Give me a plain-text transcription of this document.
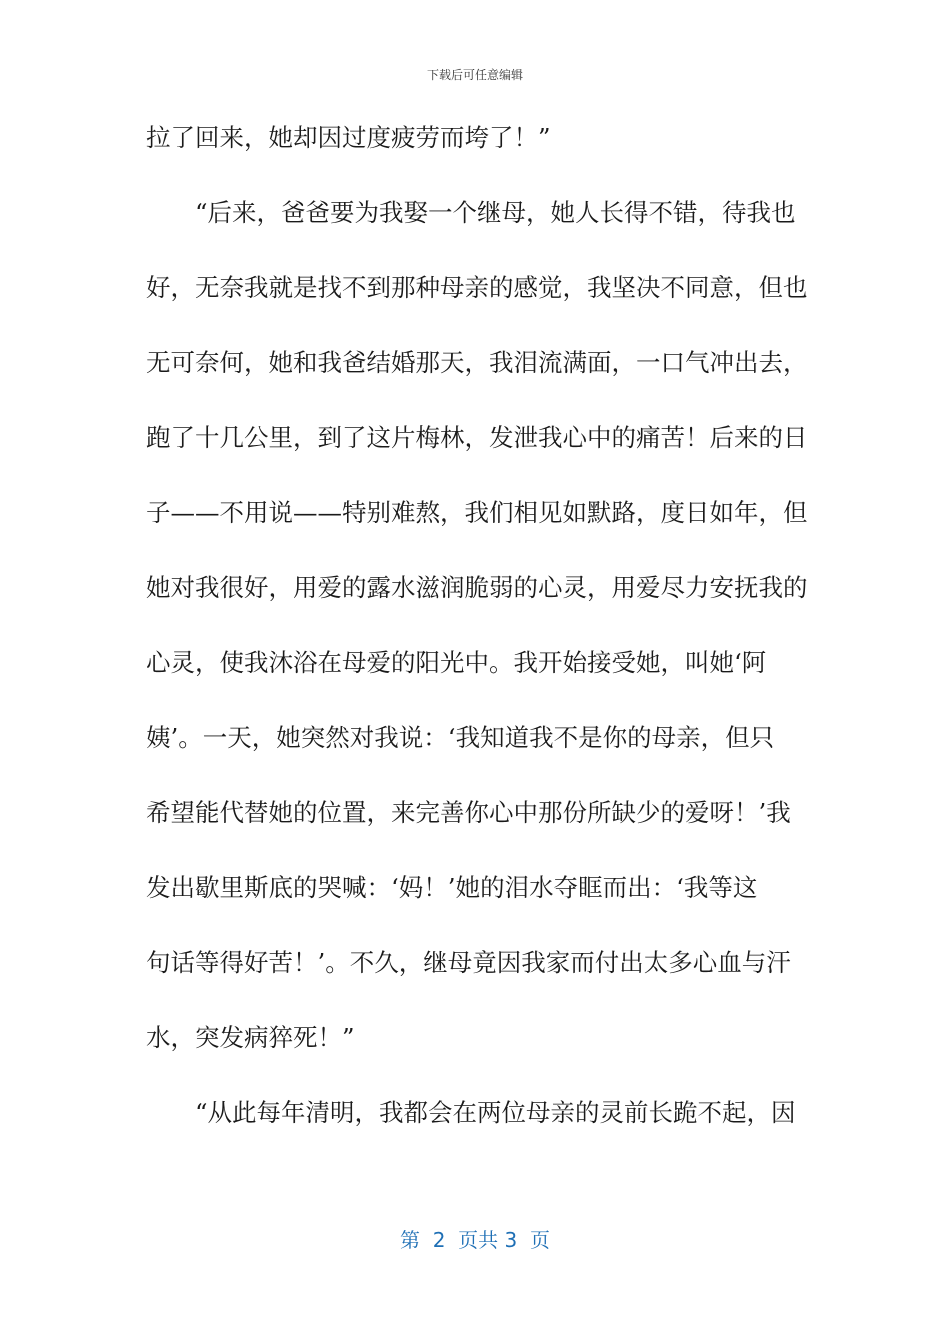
下载后可任意编辑
拉了回来，她却因过度疲劳而垮了！”
　　“后来，爸爸要为我娶一个继母，她人长得不错，待我也
好，无奈我就是找不到那种母亲的感觉，我坚决不同意，但也
无可奈何，她和我爸结婚那天，我泪流满面，一口气冲出去，
跑了十几公里，到了这片梅林，发泄我心中的痛苦！后来的日
子——不用说——特别难熬，我们相见如默路，度日如年，但
她对我很好，用爱的露水滋润脆弱的心灵，用爱尽力安抚我的
心灵，使我沐浴在母爱的阳光中。我开始接受她，叫她‘阿
姨’。一天，她突然对我说：‘我知道我不是你的母亲，但只
希望能代替她的位置，来完善你心中那份所缺少的爱呀！’我
发出歇里斯底的哭喊：‘妈！’她的泪水夺眶而出：‘我等这
句话等得好苦！’。不久，继母竟因我家而付出太多心血与汗
水，突发病猝死！”
　　“从此每年清明，我都会在两位母亲的灵前长跪不起，因
第  2  页共 3  页
